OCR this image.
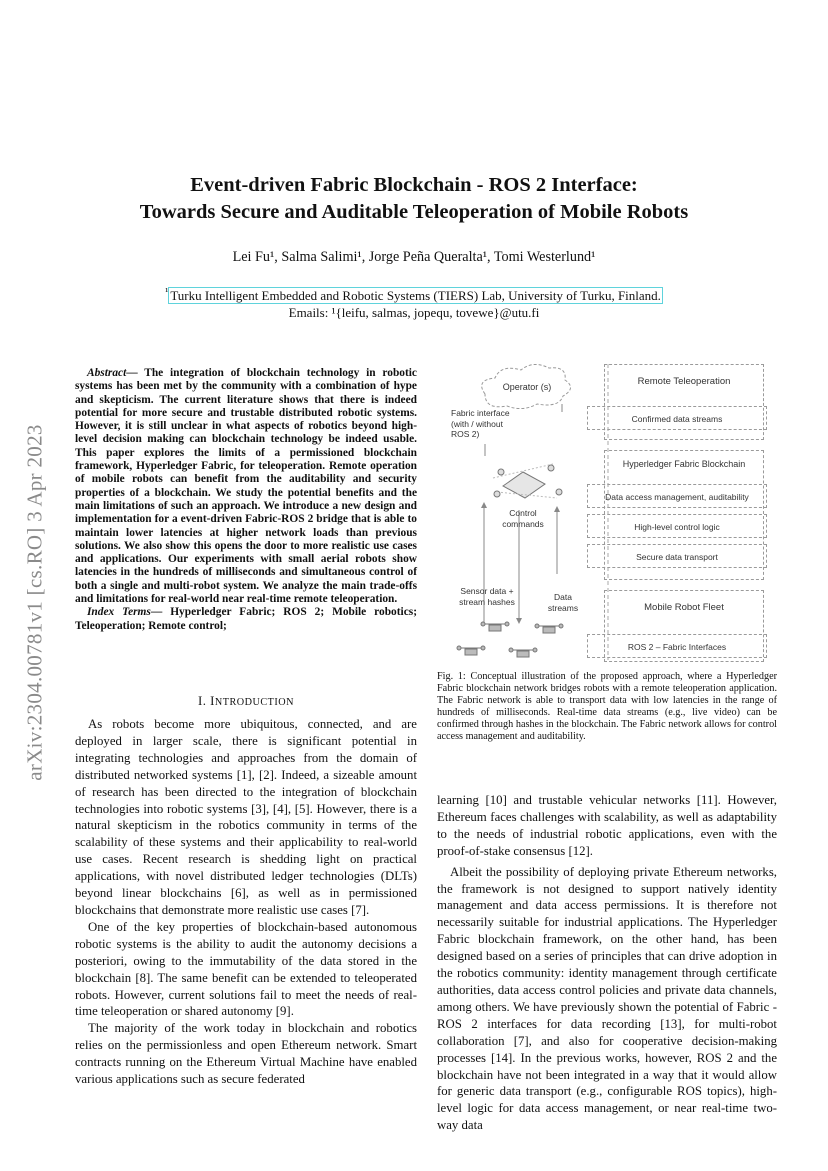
arXiv:2304.00781v1 [cs.RO] 3 Apr 2023
Event-driven Fabric Blockchain - ROS 2 Interface:
Towards Secure and Auditable Teleoperation of Mobile Robots
Lei Fu¹, Salma Salimi¹, Jorge Peña Queralta¹, Tomi Westerlund¹
$^{^1}$ Turku Intelligent Embedded and Robotic Systems (TIERS) Lab, University of Turku, Finland.
Emails: ¹{leifu, salmas, jopequ, tovewe}@utu.fi

Abstract— The integration of blockchain technology in robotic systems has been met by the community with a combination of hype and skepticism. The current literature shows that there is indeed potential for more secure and trustable distributed robotic systems. However, it is still unclear in what aspects of robotics beyond high-level decision making can blockchain technology be indeed usable. This paper explores the limits of a permissioned blockchain framework, Hyperledger Fabric, for teleoperation. Remote operation of mobile robots can benefit from the auditability and security properties of a blockchain. We study the potential benefits and the main limitations of such an approach. We introduce a new design and implementation for a event-driven Fabric-ROS 2 bridge that is able to maintain lower latencies at higher network loads than previous solutions. We also show this opens the door to more realistic use cases and applications. Our experiments with small aerial robots show latencies in the hundreds of milliseconds and simultaneous control of both a single and multi-robot system. We analyze the main trade-offs and limitations for real-world near real-time remote teleoperation.

Index Terms— Hyperledger Fabric; ROS 2; Mobile robotics; Teleoperation; Remote control;

I. INTRODUCTION

As robots become more ubiquitous, connected, and are deployed in larger scale, there is significant potential in integrating technologies and approaches from the domain of distributed networked systems [1], [2]. Indeed, a sizeable amount of research has been directed to the integration of blockchain technologies into robotic systems [3], [4], [5]. However, there is a natural skepticism in the robotics community in terms of the scalability of these systems and their applicability to real-world use cases. Recent research is shedding light on practical applications, with novel distributed ledger technologies (DLTs) beyond linear blockchains [6], as well as in permissioned blockchains that demonstrate more realistic use cases [7].

One of the key properties of blockchain-based autonomous robotic systems is the ability to audit the autonomy decisions a posteriori, owing to the immutability of the data stored in the blockchain [8]. The same benefit can be extended to teleoperated robots. However, current solutions fail to meet the needs of real-time teleoperation or shared autonomy [9].

The majority of the work today in blockchain and robotics relies on the permissionless and open Ethereum network. Smart contracts running on the Ethereum Virtual Machine have enabled various applications such as secure federated

Operator (s)
Fabric interface (with / without ROS 2)
Control commands
Sensor data + stream hashes	Data streams
Remote Teleoperation
Confirmed data streams
Hyperledger Fabric Blockchain
Data access management, auditability
High-level control logic
Secure data transport
Mobile Robot Fleet
ROS 2 – Fabric Interfaces
Fig. 1: Conceptual illustration of the proposed approach, where a Hyperledger Fabric blockchain network bridges robots with a remote teleoperation application. The Fabric network is able to transport data with low latencies in the range of hundreds of milliseconds. Real-time data streams (e.g., live video) can be confirmed through hashes in the blockchain. The Fabric network allows for control access management and auditability.

learning [10] and trustable vehicular networks [11]. However, Ethereum faces challenges with scalability, as well as adaptability to the needs of industrial robotic applications, even with the proof-of-stake consensus [12].

Albeit the possibility of deploying private Ethereum networks, the framework is not designed to support natively identity management and data access permissions. It is therefore not necessarily suitable for industrial applications. The Hyperledger Fabric blockchain framework, on the other hand, has been designed based on a series of principles that can drive adoption in the robotics community: identity management through certificate authorities, data access control policies and private data channels, among others. We have previously shown the potential of Fabric - ROS 2 interfaces for data recording [13], for multi-robot collaboration [7], and also for cooperative decision-making processes [14]. In the previous works, however, ROS 2 and the blockchain have not been integrated in a way that it would allow for generic data transport (e.g., configurable ROS topics), high-level logic for data access management, or near real-time two-way data
